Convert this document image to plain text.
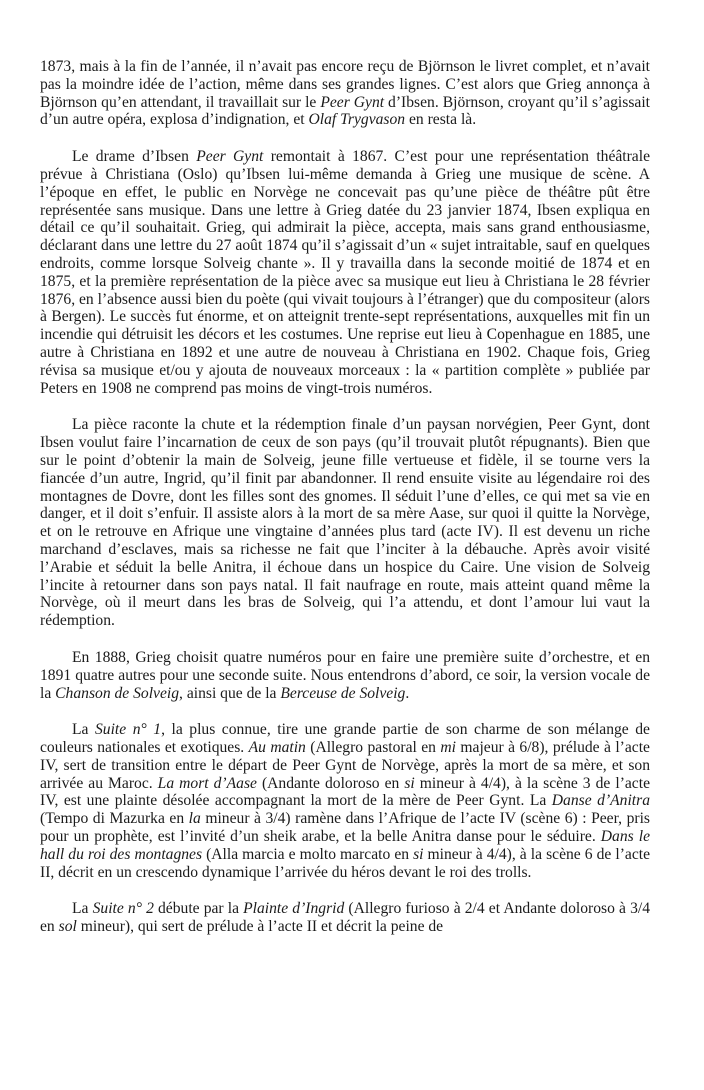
1873, mais à la fin de l’année, il n’avait pas encore reçu de Björnson le livret complet, et n’avait pas la moindre idée de l’action, même dans ses grandes lignes. C’est alors que Grieg annonça à Björnson qu’en attendant, il travaillait sur le Peer Gynt d’Ibsen. Björnson, croyant qu’il s’agissait d’un autre opéra, explosa d’indignation, et Olaf Trygvason en resta là.

Le drame d’Ibsen Peer Gynt remontait à 1867. C’est pour une représentation théâtrale prévue à Christiana (Oslo) qu’Ibsen lui-même demanda à Grieg une musique de scène. A l’époque en effet, le public en Norvège ne concevait pas qu’une pièce de théâtre pût être représentée sans musique. Dans une lettre à Grieg datée du 23 janvier 1874, Ibsen expliqua en détail ce qu’il souhaitait. Grieg, qui admirait la pièce, accepta, mais sans grand enthousiasme, déclarant dans une lettre du 27 août 1874 qu’il s’agissait d’un « sujet intraitable, sauf en quelques endroits, comme lorsque Solveig chante ». Il y travailla dans la seconde moitié de 1874 et en 1875, et la première représentation de la pièce avec sa musique eut lieu à Christiana le 28 février 1876, en l’absence aussi bien du poète (qui vivait toujours à l’étranger) que du compositeur (alors à Bergen). Le succès fut énorme, et on atteignit trente-sept représentations, auxquelles mit fin un incendie qui détruisit les décors et les costumes. Une reprise eut lieu à Copenhague en 1885, une autre à Christiana en 1892 et une autre de nouveau à Christiana en 1902. Chaque fois, Grieg révisa sa musique et/ou y ajouta de nouveaux morceaux : la « partition complète » publiée par Peters en 1908 ne comprend pas moins de vingt-trois numéros.

La pièce raconte la chute et la rédemption finale d’un paysan norvégien, Peer Gynt, dont Ibsen voulut faire l’incarnation de ceux de son pays (qu’il trouvait plutôt répugnants). Bien que sur le point d’obtenir la main de Solveig, jeune fille vertueuse et fidèle, il se tourne vers la fiancée d’un autre, Ingrid, qu’il finit par abandonner. Il rend ensuite visite au légendaire roi des montagnes de Dovre, dont les filles sont des gnomes. Il séduit l’une d’elles, ce qui met sa vie en danger, et il doit s’enfuir. Il assiste alors à la mort de sa mère Aase, sur quoi il quitte la Norvège, et on le retrouve en Afrique une vingtaine d’années plus tard (acte IV). Il est devenu un riche marchand d’esclaves, mais sa richesse ne fait que l’inciter à la débauche. Après avoir visité l’Arabie et séduit la belle Anitra, il échoue dans un hospice du Caire. Une vision de Solveig l’incite à retourner dans son pays natal. Il fait naufrage en route, mais atteint quand même la Norvège, où il meurt dans les bras de Solveig, qui l’a attendu, et dont l’amour lui vaut la rédemption.

En 1888, Grieg choisit quatre numéros pour en faire une première suite d’orchestre, et en 1891 quatre autres pour une seconde suite. Nous entendrons d’abord, ce soir, la version vocale de la Chanson de Solveig, ainsi que de la Berceuse de Solveig.

La Suite n° 1, la plus connue, tire une grande partie de son charme de son mélange de couleurs nationales et exotiques. Au matin (Allegro pastoral en mi majeur à 6/8), prélude à l’acte IV, sert de transition entre le départ de Peer Gynt de Norvège, après la mort de sa mère, et son arrivée au Maroc. La mort d’Aase (Andante doloroso en si mineur à 4/4), à la scène 3 de l’acte IV, est une plainte désolée accompagnant la mort de la mère de Peer Gynt. La Danse d’Anitra (Tempo di Mazurka en la mineur à 3/4) ramène dans l’Afrique de l’acte IV (scène 6) : Peer, pris pour un prophète, est l’invité d’un sheik arabe, et la belle Anitra danse pour le séduire. Dans le hall du roi des montagnes (Alla marcia e molto marcato en si mineur à 4/4), à la scène 6 de l’acte II, décrit en un crescendo dynamique l’arrivée du héros devant le roi des trolls.

La Suite n° 2 débute par la Plainte d’Ingrid (Allegro furioso à 2/4 et Andante doloroso à 3/4 en sol mineur), qui sert de prélude à l’acte II et décrit la peine de
